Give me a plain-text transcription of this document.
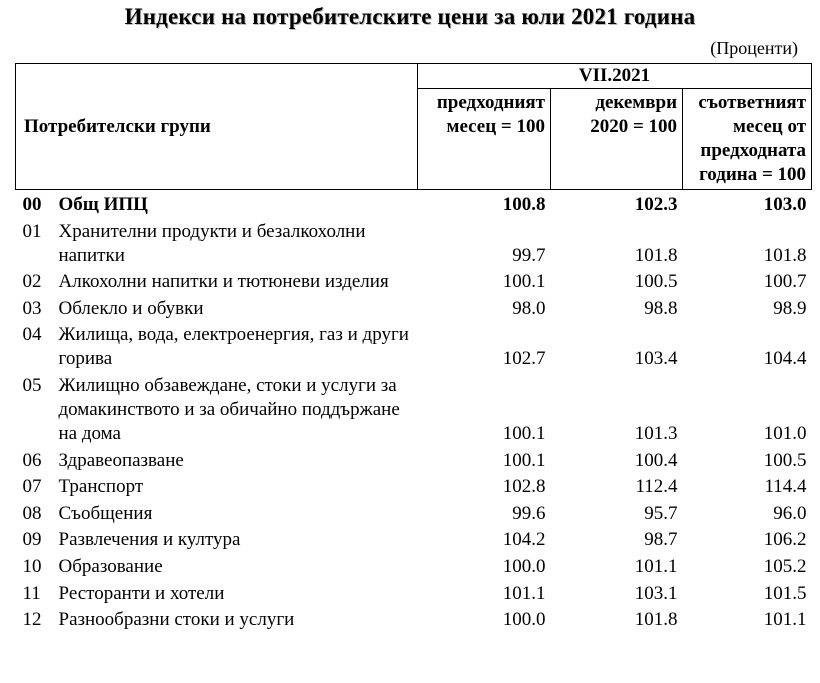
Индекси на потребителските цени за юли 2021 година
(Проценти)
Потребителски групи		VII.2021		
		предходният месец = 100	декември 2020 = 100	съответният месец от предходната година = 100
00	Общ ИПЦ	100.8	102.3	103.0
01	Хранителни продукти и безалкохолни напитки	99.7	101.8	101.8
02	Алкохолни напитки и тютюневи изделия	100.1	100.5	100.7
03	Облекло и обувки	98.0	98.8	98.9
04	Жилища, вода, електроенергия, газ и други горива	102.7	103.4	104.4
05	Жилищно обзавеждане, стоки и услуги за домакинството и за обичайно поддържане на дома	100.1	101.3	101.0
06	Здравеопазване	100.1	100.4	100.5
07	Транспорт	102.8	112.4	114.4
08	Съобщения	99.6	95.7	96.0
09	Развлечения и култура	104.2	98.7	106.2
10	Образование	100.0	101.1	105.2
11	Ресторанти и хотели	101.1	103.1	101.5
12	Разнообразни стоки и услуги	100.0	101.8	101.1
